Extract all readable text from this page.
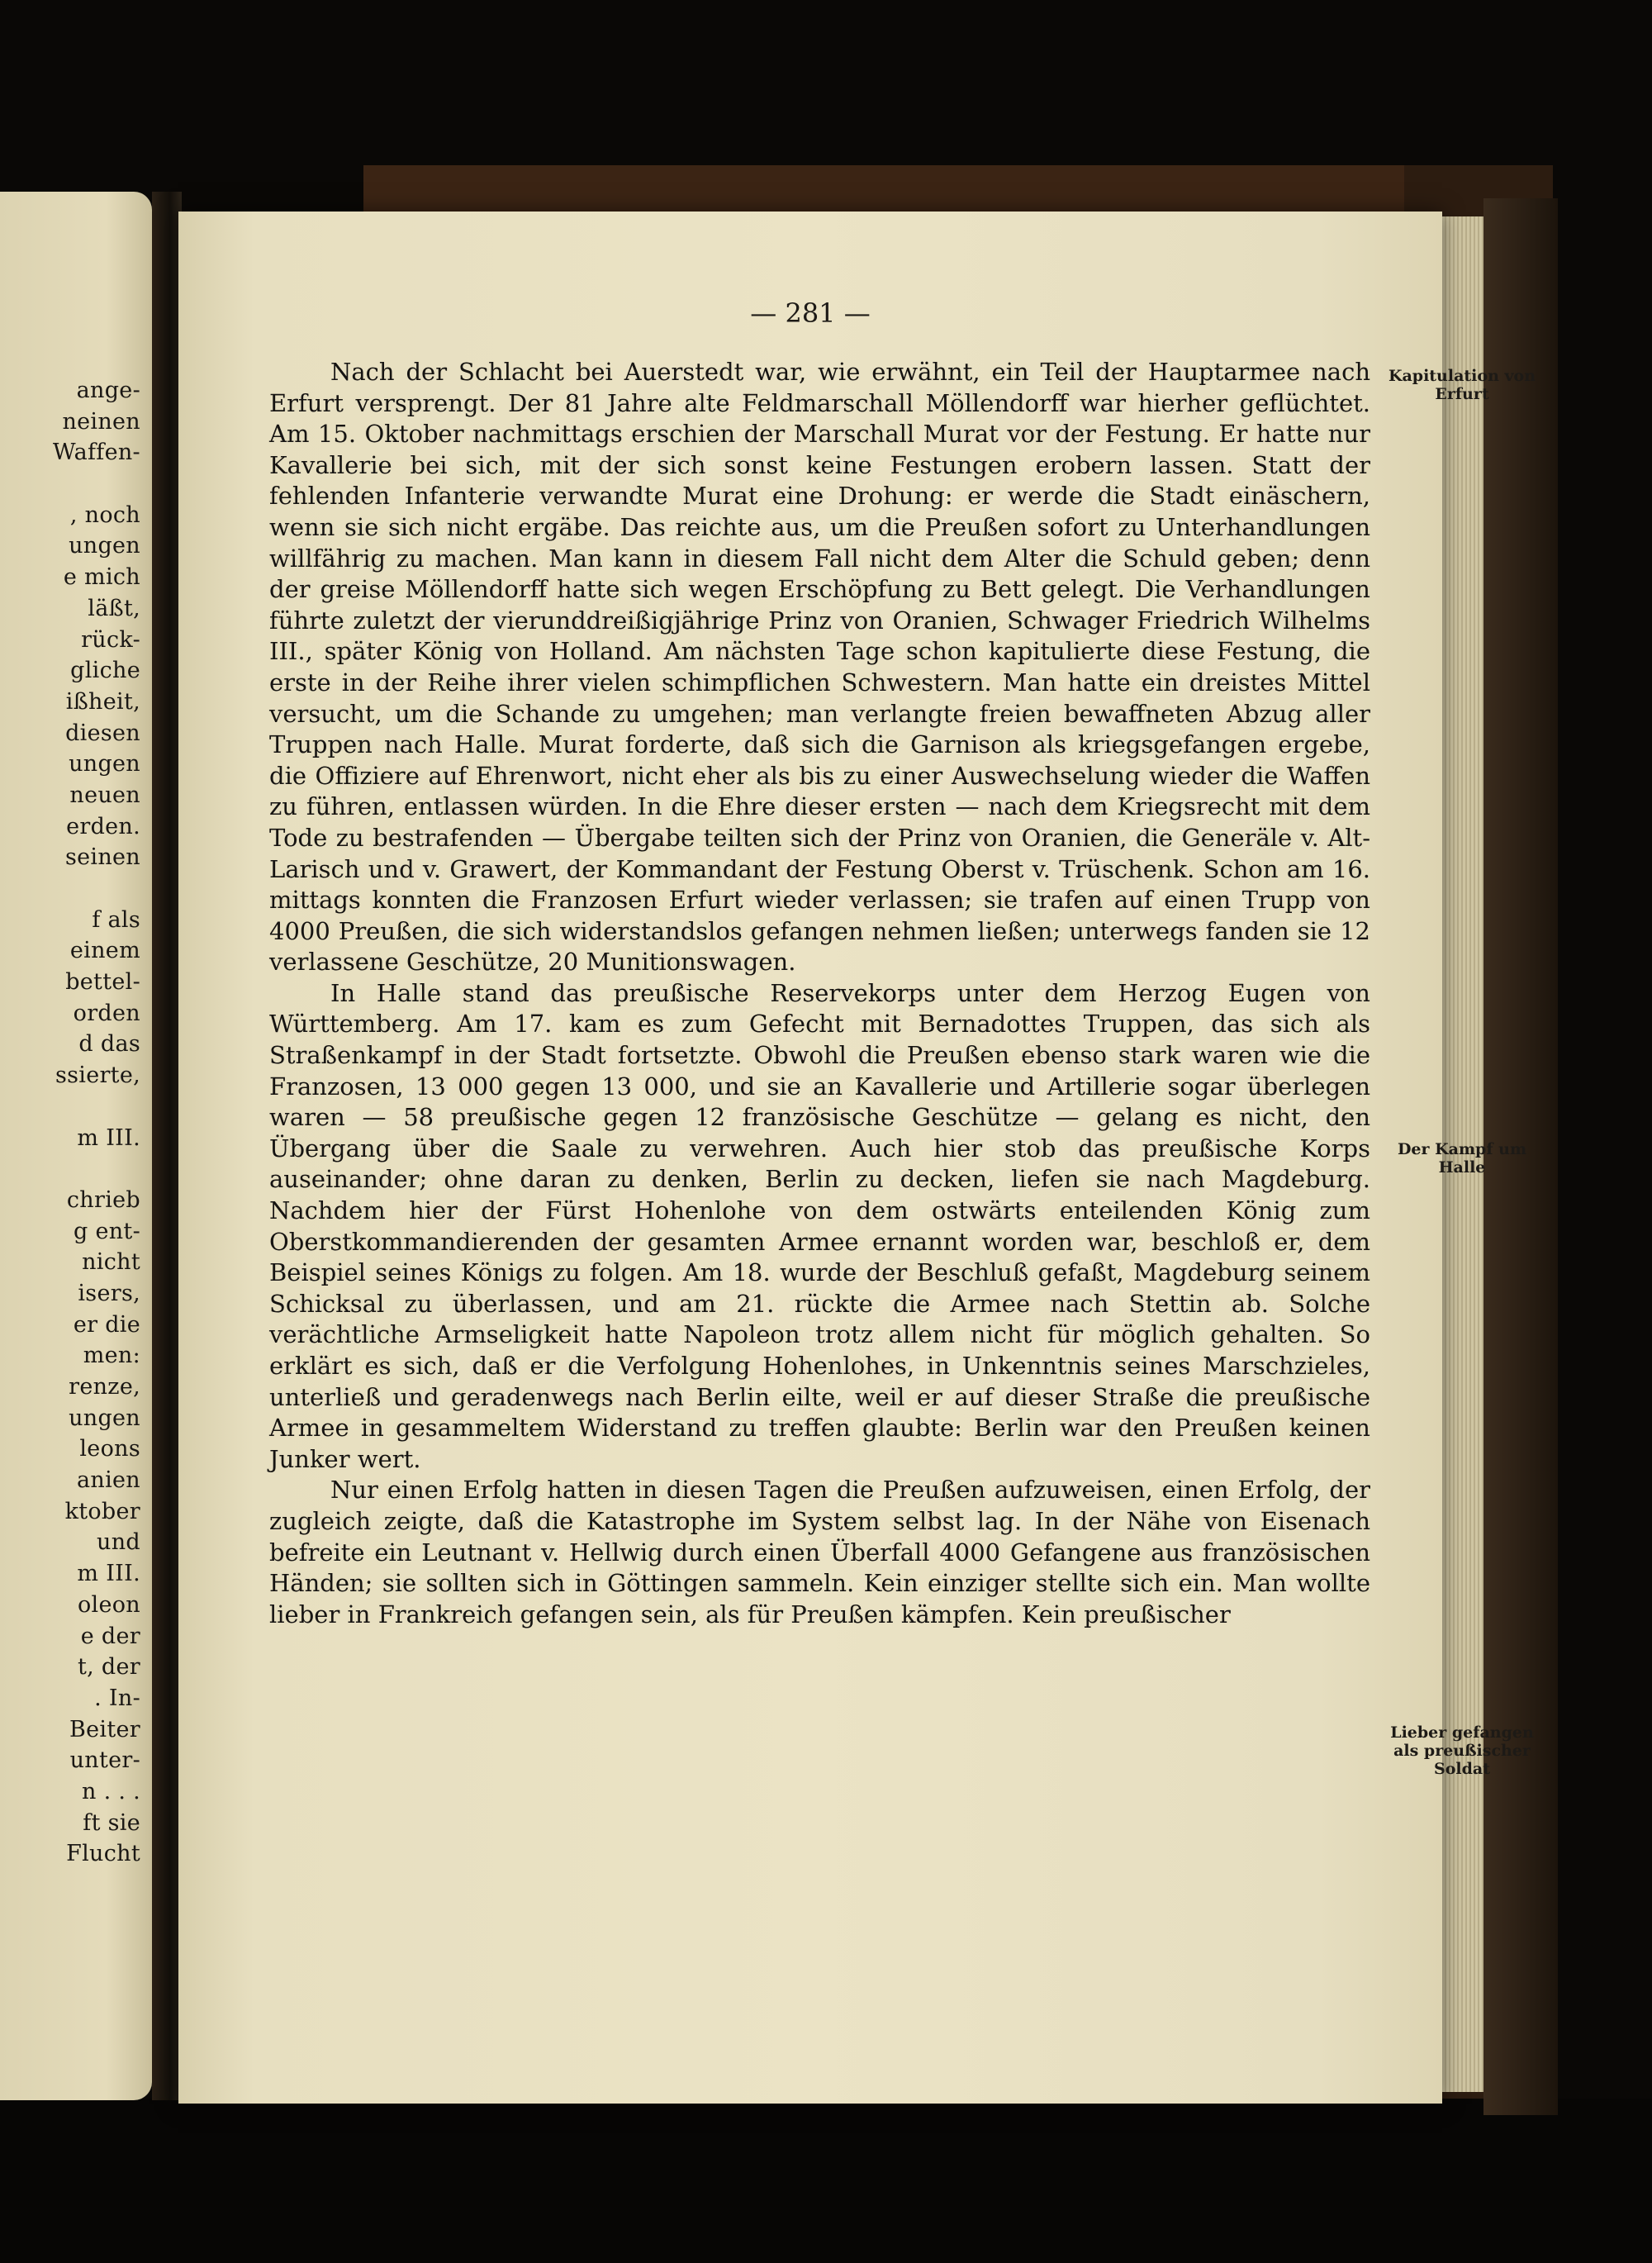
ange-
neinen
Waffen-
, noch
ungen
e mich
läßt,
rück-
gliche
ißheit,
diesen
ungen
neuen
erden.
seinen
f als
einem
bettel-
orden
d das
ssierte,
m III.
chrieb
g ent-
nicht
isers,
er die
men:
renze,
ungen
leons
anien
ktober
und
m III.
oleon
e der
t, der
. In-
Beiter
unter-
n . . .
ft sie
Flucht

— 281 —

Nach der Schlacht bei Auerstedt war, wie erwähnt, ein Teil der Hauptarmee nach Erfurt versprengt. Der 81 Jahre alte Feldmarschall Möllendorff war hierher geflüchtet. Am 15. Oktober nachmittags erschien der Marschall Murat vor der Festung. Er hatte nur Kavallerie bei sich, mit der sich sonst keine Festungen erobern lassen. Statt der fehlenden Infanterie verwandte Murat eine Drohung: er werde die Stadt einäschern, wenn sie sich nicht ergäbe. Das reichte aus, um die Preußen sofort zu Unterhandlungen willfährig zu machen. Man kann in diesem Fall nicht dem Alter die Schuld geben; denn der greise Möllendorff hatte sich wegen Erschöpfung zu Bett gelegt. Die Verhandlungen führte zuletzt der vierunddreißigjährige Prinz von Oranien, Schwager Friedrich Wilhelms III., später König von Holland. Am nächsten Tage schon kapitulierte diese Festung, die erste in der Reihe ihrer vielen schimpflichen Schwestern. Man hatte ein dreistes Mittel versucht, um die Schande zu umgehen; man verlangte freien bewaffneten Abzug aller Truppen nach Halle. Murat forderte, daß sich die Garnison als kriegsgefangen ergebe, die Offiziere auf Ehrenwort, nicht eher als bis zu einer Auswechselung wieder die Waffen zu führen, entlassen würden. In die Ehre dieser ersten — nach dem Kriegsrecht mit dem Tode zu bestrafenden — Übergabe teilten sich der Prinz von Oranien, die Generäle v. Alt-Larisch und v. Grawert, der Kommandant der Festung Oberst v. Trüschenk. Schon am 16. mittags konnten die Franzosen Erfurt wieder verlassen; sie trafen auf einen Trupp von 4000 Preußen, die sich widerstandslos gefangen nehmen ließen; unterwegs fanden sie 12 verlassene Geschütze, 20 Munitionswagen.

In Halle stand das preußische Reservekorps unter dem Herzog Eugen von Württemberg. Am 17. kam es zum Gefecht mit Bernadottes Truppen, das sich als Straßenkampf in der Stadt fortsetzte. Obwohl die Preußen ebenso stark waren wie die Franzosen, 13 000 gegen 13 000, und sie an Kavallerie und Artillerie sogar überlegen waren — 58 preußische gegen 12 französische Geschütze — gelang es nicht, den Übergang über die Saale zu verwehren. Auch hier stob das preußische Korps auseinander; ohne daran zu denken, Berlin zu decken, liefen sie nach Magdeburg. Nachdem hier der Fürst Hohenlohe von dem ostwärts enteilenden König zum Oberstkommandierenden der gesamten Armee ernannt worden war, beschloß er, dem Beispiel seines Königs zu folgen. Am 18. wurde der Beschluß gefaßt, Magdeburg seinem Schicksal zu überlassen, und am 21. rückte die Armee nach Stettin ab. Solche verächtliche Armseligkeit hatte Napoleon trotz allem nicht für möglich gehalten. So erklärt es sich, daß er die Verfolgung Hohenlohes, in Unkenntnis seines Marschzieles, unterließ und geradenwegs nach Berlin eilte, weil er auf dieser Straße die preußische Armee in gesammeltem Widerstand zu treffen glaubte: Berlin war den Preußen keinen Junker wert.

Nur einen Erfolg hatten in diesen Tagen die Preußen aufzuweisen, einen Erfolg, der zugleich zeigte, daß die Katastrophe im System selbst lag. In der Nähe von Eisenach befreite ein Leutnant v. Hellwig durch einen Überfall 4000 Gefangene aus französischen Händen; sie sollten sich in Göttingen sammeln. Kein einziger stellte sich ein. Man wollte lieber in Frankreich gefangen sein, als für Preußen kämpfen. Kein preußischer

Kapitulation von Erfurt

Der Kampf um Halle

Lieber gefangen als preußischer Soldat
